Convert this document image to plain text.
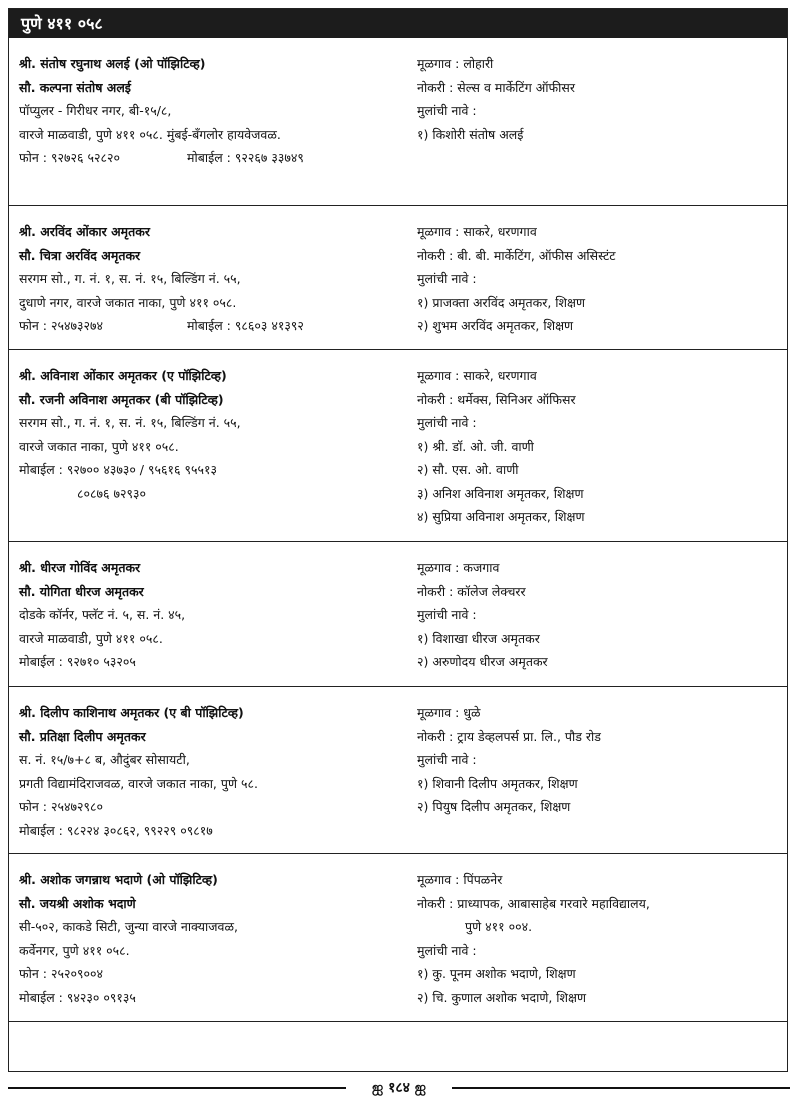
पुणे ४११ ०५८
श्री. संतोष रघुनाथ अलई (ओ पॉझिटिव्ह)
सौ. कल्पना संतोष अलई
पॉप्युलर - गिरीधर नगर, बी-१५/८,
वारजे माळवाडी, पुणे ४११ ०५८. मुंबई-बँगलोर हायवेजवळ.
फोन : ९२७२६ ५२८२०	मोबाईल : ९२२६७ ३३७४९
मूळगाव : लोहारी
नोकरी : सेल्स व मार्केटिंग ऑफीसर
मुलांची नावे :
१) किशोरी संतोष अलई
श्री. अरविंद ओंकार अमृतकर
सौ. चित्रा अरविंद अमृतकर
सरगम सो., ग. नं. १, स. नं. १५, बिल्डिंग नं. ५५,
दुधाणे नगर, वारजे जकात नाका, पुणे ४११ ०५८.
फोन : २५४७३२७४	मोबाईल : ९८६०३ ४१३९२
मूळगाव : साकरे, धरणगाव
नोकरी : बी. बी. मार्केटिंग, ऑफीस असिस्टंट
मुलांची नावे :
१) प्राजक्ता अरविंद अमृतकर, शिक्षण
२) शुभम अरविंद अमृतकर, शिक्षण
श्री. अविनाश ओंकार अमृतकर (ए पॉझिटिव्ह)
सौ. रजनी अविनाश अमृतकर (बी पॉझिटिव्ह)
सरगम सो., ग. नं. १, स. नं. १५, बिल्डिंग नं. ५५,
वारजे जकात नाका, पुणे ४११ ०५८.
मोबाईल : ९२७०० ४३७३० / ९५६१६ ९५५१३
८०८७६ ७२९३०
मूळगाव : साकरे, धरणगाव
नोकरी : थर्मेक्स, सिनिअर ऑफिसर
मुलांची नावे :
१) श्री. डॉ. ओ. जी. वाणी
२) सौ. एस. ओ. वाणी
३) अनिश अविनाश अमृतकर, शिक्षण
४) सुप्रिया अविनाश अमृतकर, शिक्षण
श्री. धीरज गोविंद अमृतकर
सौ. योगिता धीरज अमृतकर
दोडके कॉर्नर, फ्लॅट नं. ५, स. नं. ४५,
वारजे माळवाडी, पुणे ४११ ०५८.
मोबाईल : ९२७१० ५३२०५
मूळगाव : कजगाव
नोकरी : कॉलेज लेक्चरर
मुलांची नावे :
१) विशाखा धीरज अमृतकर
२) अरुणोदय धीरज अमृतकर
श्री. दिलीप काशिनाथ अमृतकर (ए बी पॉझिटिव्ह)
सौ. प्रतिक्षा दिलीप अमृतकर
स. नं. १५/७+८ ब, औदुंबर सोसायटी,
प्रगती विद्यामंदिराजवळ, वारजे जकात नाका, पुणे ५८.
फोन : २५४७२९८०
मोबाईल : ९८२२४ ३०८६२, ९९२२९ ०९८१७
मूळगाव : धुळे
नोकरी : ट्राय डेव्हलपर्स प्रा. लि., पौड रोड
मुलांची नावे :
१) शिवानी दिलीप अमृतकर, शिक्षण
२) पियुष दिलीप अमृतकर, शिक्षण
श्री. अशोक जगन्नाथ भदाणे (ओ पॉझिटिव्ह)
सौ. जयश्री अशोक भदाणे
सी-५०२, काकडे सिटी, जुन्या वारजे नाक्याजवळ,
कर्वेनगर, पुणे ४११ ०५८.
फोन : २५२०९००४
मोबाईल : ९४२३० ०९१३५
मूळगाव : पिंपळनेर
नोकरी : प्राध्यापक, आबासाहेब गरवारे महाविद्यालय,
पुणे ४११ ००४.
मुलांची नावे :
१) कु. पूनम अशोक भदाणे, शिक्षण
२) चि. कुणाल अशोक भदाणे, शिक्षण
ஐ १८४ ஐ
